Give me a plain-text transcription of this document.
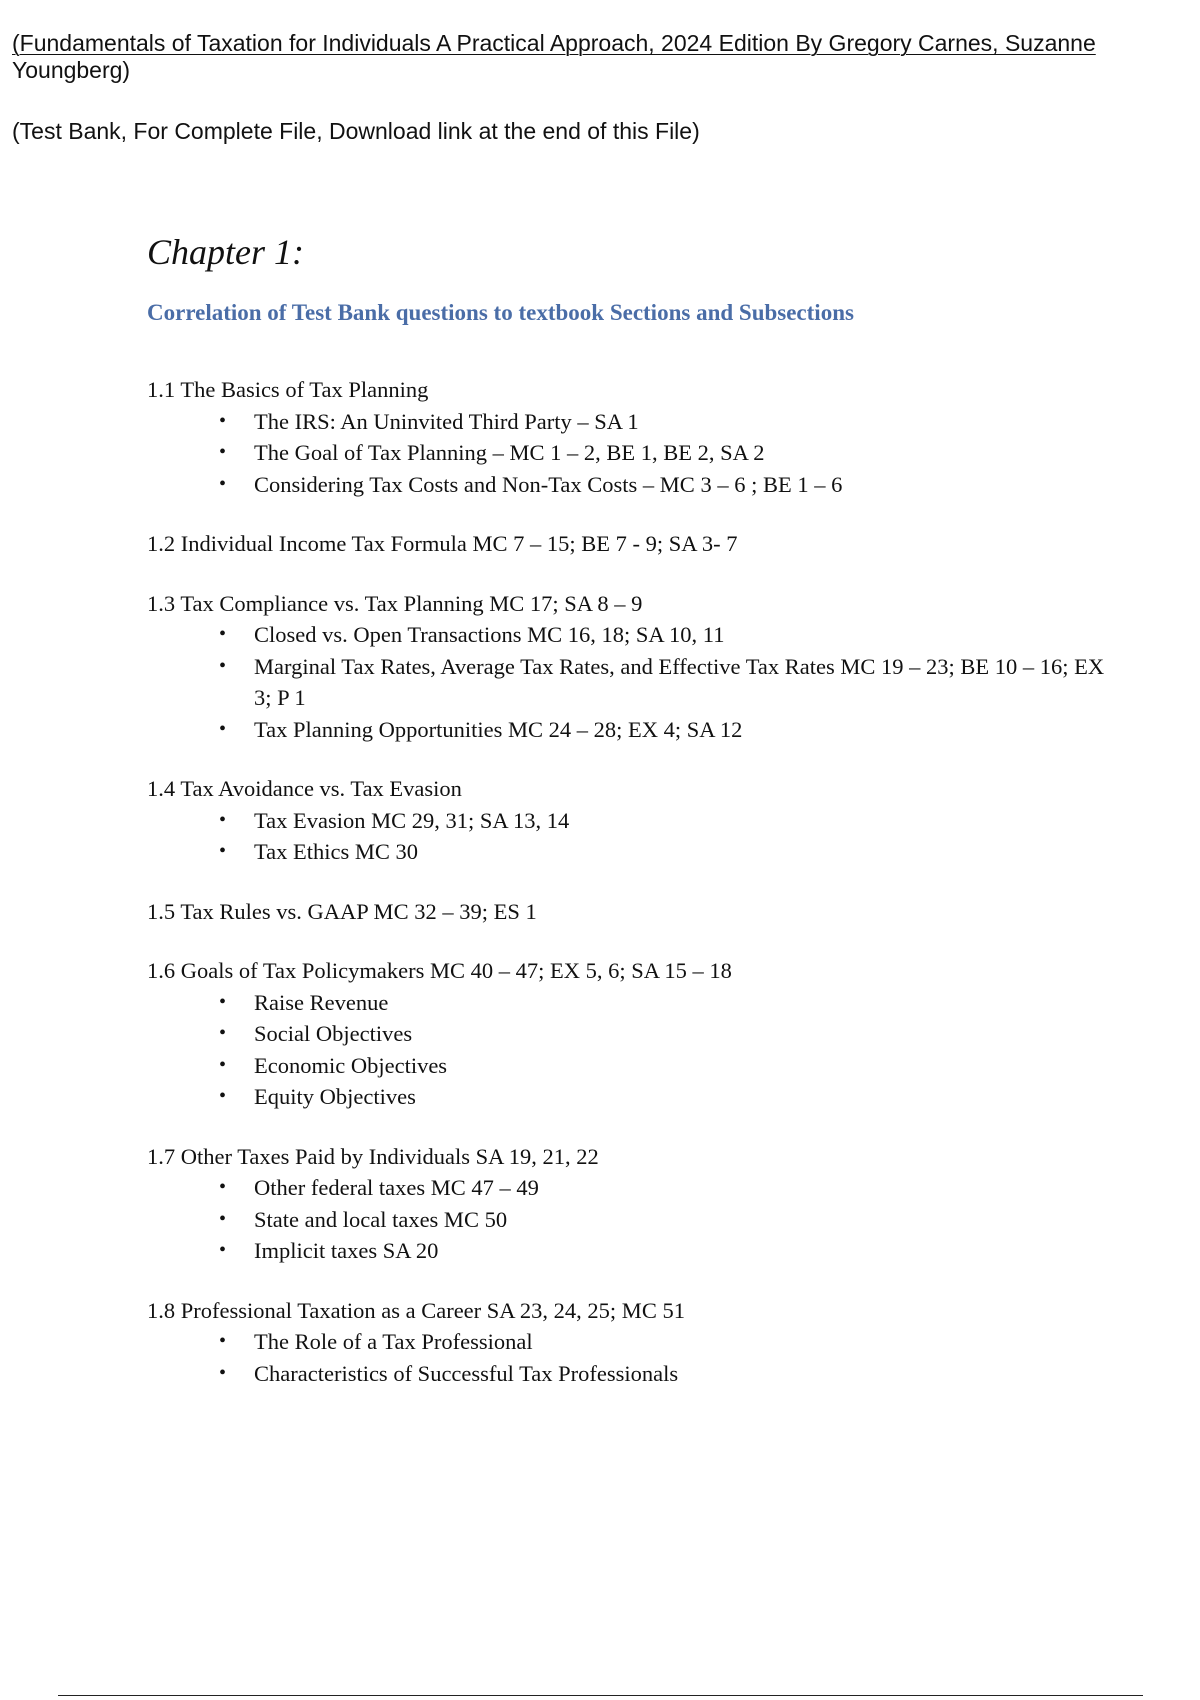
(Fundamentals of Taxation for Individuals A Practical Approach, 2024 Edition By Gregory Carnes, Suzanne
Youngberg)
(Test Bank, For Complete File, Download link at the end of this File)
Chapter 1:
Correlation of Test Bank questions to textbook Sections and Subsections
1.1 The Basics of Tax Planning
• The IRS: An Uninvited Third Party – SA 1
• The Goal of Tax Planning – MC 1 – 2, BE 1, BE 2, SA 2
• Considering Tax Costs and Non-Tax Costs – MC 3 – 6 ; BE 1 – 6
1.2 Individual Income Tax Formula MC 7 – 15; BE 7 - 9; SA 3- 7
1.3 Tax Compliance vs. Tax Planning MC 17; SA 8 – 9
• Closed vs. Open Transactions MC 16, 18; SA 10, 11
• Marginal Tax Rates, Average Tax Rates, and Effective Tax Rates MC 19 – 23; BE 10 – 16; EX 3; P 1
• Tax Planning Opportunities MC 24 – 28; EX 4; SA 12
1.4 Tax Avoidance vs. Tax Evasion
• Tax Evasion MC 29, 31; SA 13, 14
• Tax Ethics MC 30
1.5 Tax Rules vs. GAAP MC 32 – 39; ES 1
1.6 Goals of Tax Policymakers MC 40 – 47; EX 5, 6; SA 15 – 18
• Raise Revenue
• Social Objectives
• Economic Objectives
• Equity Objectives
1.7 Other Taxes Paid by Individuals SA 19, 21, 22
• Other federal taxes MC 47 – 49
• State and local taxes MC 50
• Implicit taxes SA 20
1.8 Professional Taxation as a Career SA 23, 24, 25; MC 51
• The Role of a Tax Professional
• Characteristics of Successful Tax Professionals
